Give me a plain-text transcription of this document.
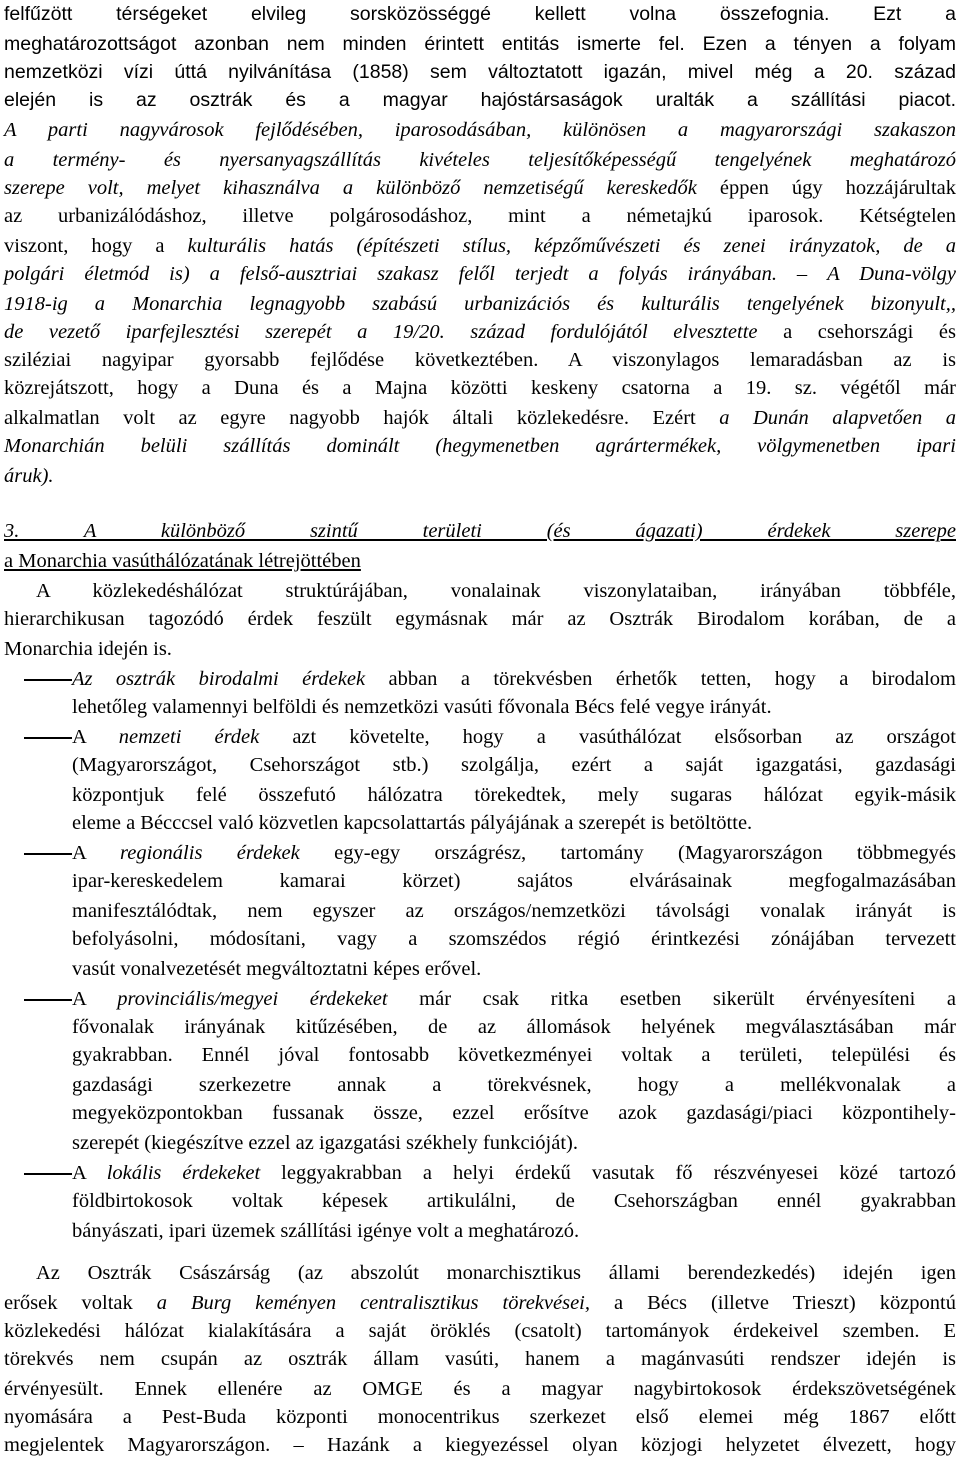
felfűzött térségeket elvileg sorsközösséggé kellett volna összefognia. Ezt a
meghatározottságot azonban nem minden érintett entitás ismerte fel. Ezen a tényen a folyam
nemzetközi vízi úttá nyilvánítása (1858) sem változtatott igazán, mivel még a 20. század
elején is az osztrák és a magyar hajóstársaságok uralták a szállítási piacot.
A parti nagyvárosok fejlődésében, iparosodásában, különösen a magyarországi szakaszon
a termény- és nyersanyagszállítás kivételes teljesítőképességű tengelyének meghatározó
szerepe volt, melyet kihasználva a különböző nemzetiségű kereskedők éppen úgy hozzájárultak
az urbanizálódáshoz, illetve polgárosodáshoz, mint a németajkú iparosok. Kétségtelen
viszont, hogy a kulturális hatás (építészeti stílus, képzőművészeti és zenei irányzatok, de a
polgári életmód is) a felső-ausztriai szakasz felől terjedt a folyás irányában. – A Duna-völgy
1918-ig a Monarchia legnagyobb szabású urbanizációs és kulturális tengelyének bizonyult,,
de vezető iparfejlesztési szerepét a 19/20. század fordulójától elvesztette a csehországi és
sziléziai nagyipar gyorsabb fejlődése következtében. A viszonylagos lemaradásban az is
közrejátszott, hogy a Duna és a Majna közötti keskeny csatorna a 19. sz. végétől már
alkalmatlan volt az egyre nagyobb hajók általi közlekedésre. Ezért a Dunán alapvetően a
Monarchián belüli szállítás dominált (hegymenetben agrártermékek, völgymenetben ipari
áruk).
3. A különböző szintű területi (és ágazati) érdekek szerepe
a Monarchia vasúthálózatának létrejöttében
A közlekedéshálózat struktúrájában, vonalainak viszonylataiban, irányában többféle,
hierarchikusan tagozódó érdek feszült egymásnak már az Osztrák Birodalom korában, de a
Monarchia idején is.
Az osztrák birodalmi érdekek abban a törekvésben érhetők tetten, hogy a birodalom
lehetőleg valamennyi belföldi és nemzetközi vasúti fővonala Bécs felé vegye irányát.
A nemzeti érdek azt követelte, hogy a vasúthálózat elsősorban az országot
(Magyarországot, Csehországot stb.) szolgálja, ezért a saját igazgatási, gazdasági
központjuk felé összefutó hálózatra törekedtek, mely sugaras hálózat egyik-másik
eleme a Bécccsel való közvetlen kapcsolattartás pályájának a szerepét is betöltötte.
A regionális érdekek egy-egy országrész, tartomány (Magyarországon többmegyés
ipar-kereskedelem kamarai körzet) sajátos elvárásainak megfogalmazásában
manifesztálódtak, nem egyszer az országos/nemzetközi távolsági vonalak irányát is
befolyásolni, módosítani, vagy a szomszédos régió érintkezési zónájában tervezett
vasút vonalvezetését megváltoztatni képes erővel.
A provinciális/megyei érdekeket már csak ritka esetben sikerült érvényesíteni a
fővonalak irányának kitűzésében, de az állomások helyének megválasztásában már
gyakrabban. Ennél jóval fontosabb következményei voltak a területi, települési és
gazdasági szerkezetre annak a törekvésnek, hogy a mellékvonalak a
megyeközpontokban fussanak össze, ezzel erősítve azok gazdasági/piaci központihely-
szerepét (kiegészítve ezzel az igazgatási székhely funkcióját).
A lokális érdekeket leggyakrabban a helyi érdekű vasutak fő részvényesei közé tartozó
földbirtokosok voltak képesek artikulálni, de Csehországban ennél gyakrabban
bányászati, ipari üzemek szállítási igénye volt a meghatározó.
Az Osztrák Császárság (az abszolút monarchisztikus állami berendezkedés) idején igen
erősek voltak a Burg keményen centralisztikus törekvései, a Bécs (illetve Trieszt) központú
közlekedési hálózat kialakítására a saját öröklés (csatolt) tartományok érdekeivel szemben. E
törekvés nem csupán az osztrák állam vasúti, hanem a magánvasúti rendszer idején is
érvényesült. Ennek ellenére az OMGE és a magyar nagybirtokosok érdekszövetségének
nyomására a Pest-Buda központi monocentrikus szerkezet első elemei még 1867 előtt
megjelentek Magyarországon. – Hazánk a kiegyezéssel olyan közjogi helyzetet élvezett, hogy
